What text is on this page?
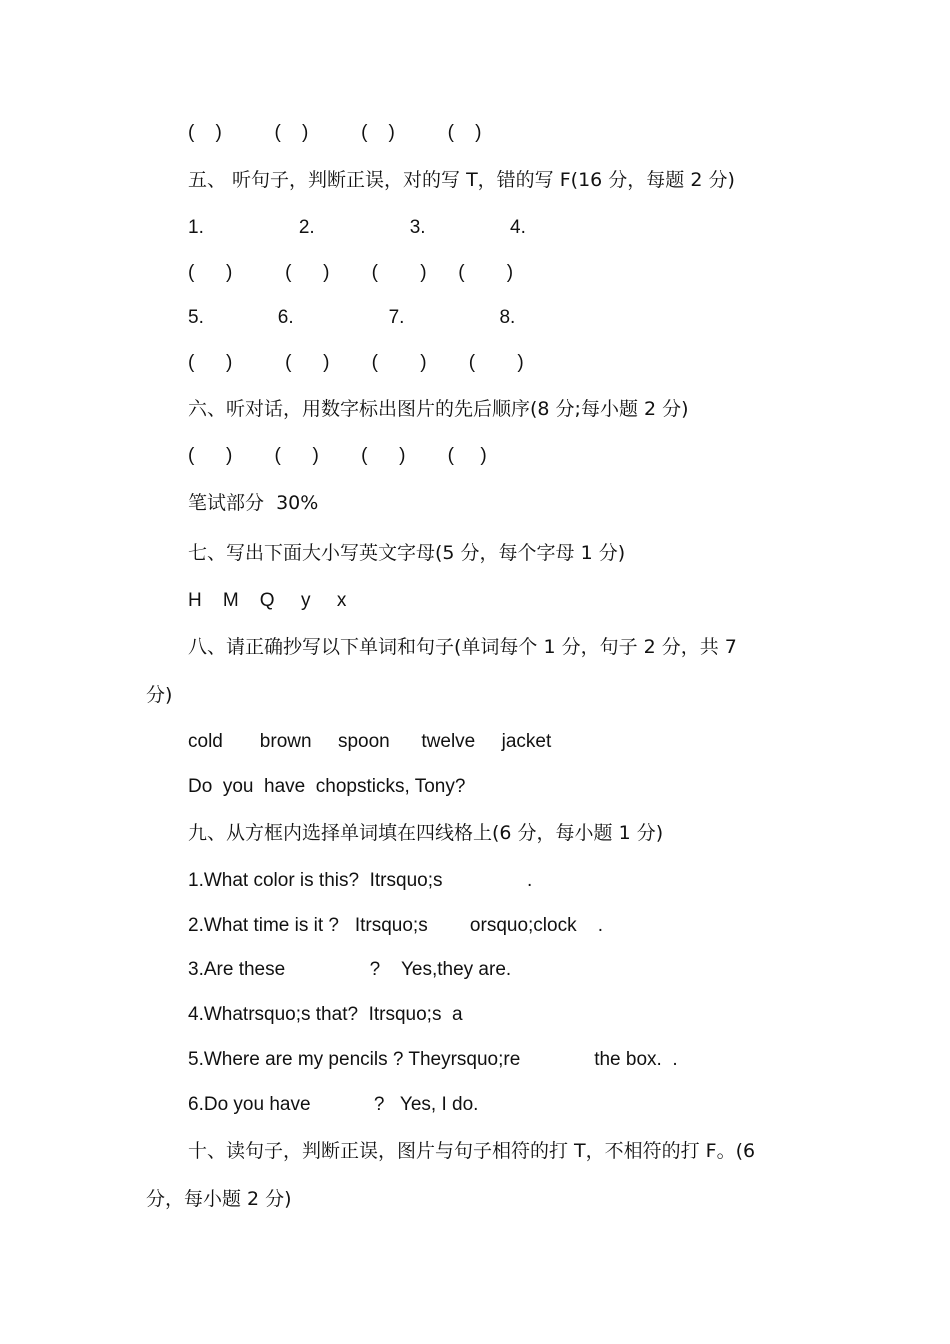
(    )          (    )          (    )          (    )
五、 听句子，判断正误，对的写 T，错的写 F(16 分，每题 2 分)
1.                  2.                  3.                4.
(      )          (      )        (        )      (        )
5.              6.                  7.                  8.
(      )          (      )        (        )        (        )
六、听对话，用数字标出图片的先后顺序(8 分;每小题 2 分)
(      )        (      )        (      )        (     )
笔试部分  30%
七、写出下面大小写英文字母(5 分，每个字母 1 分)
H    M    Q     y     x
八、请正确抄写以下单词和句子(单词每个 1 分，句子 2 分，共 7
分)
cold       brown     spoon      twelve     jacket
Do  you  have  chopsticks, Tony?
九、从方框内选择单词填在四线格上(6 分，每小题 1 分)
1.What color is this?  Itrsquo;s                .
2.What time is it ?   Itrsquo;s        orsquo;clock    .
3.Are these                ?    Yes,they are.
4.Whatrsquo;s that?  Itrsquo;s  a
5.Where are my pencils ? Theyrsquo;re              the box.  .
6.Do you have            ?   Yes, I do.
十、读句子，判断正误，图片与句子相符的打 T，不相符的打 F。(6
分，每小题 2 分)
